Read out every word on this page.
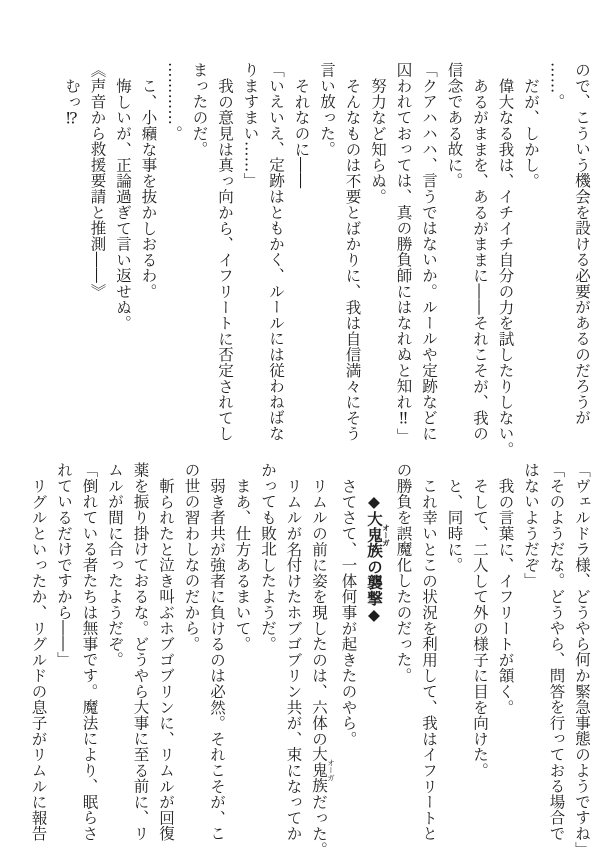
ので、こういう機会を設ける必要があるのだろうが
……。
だが、しかし。
偉大なる我は、イチイチ自分の力を試したりしない。
あるがままを、あるがままに――それこそが、我の
信念である故に。
「クアハハハ、言うではないか。ルールや定跡などに
囚われておっては、真の勝負師にはなれぬと知れ‼」
努力など知らぬ。
そんなものは不要とばかりに、我は自信満々にそう
言い放った。
それなのに――
「いえいえ、定跡はともかく、ルールには従わねばな
りますまい……」
我の意見は真っ向から、イフリートに否定されてし
まったのだ。
…………。
こ、小癪な事を抜かしおるわ。
悔しいが、正論過ぎて言い返せぬ。
《声音から救援要請と推測――》
むっ⁉
「ヴェルドラ様、どうやら何か緊急事態のようですね」
「そのようだな。どうやら、問答を行っておる場合で
はないようだぞ」
我の言葉に、イフリートが頷く。
そして、二人して外の様子に目を向けた。
と、同時に。
これ幸いとこの状況を利用して、我はイフリートと
の勝負を誤魔化したのだった。
◆大鬼族オーガの襲撃◆
さてさて、一体何事が起きたのやら。
リムルの前に姿を現したのは、六体の大鬼族オーガだった。
リムルが名付けたホブゴブリン共が、束になってか
かっても敗北したようだ。
まあ、仕方あるまいて。
弱き者共が強者に負けるのは必然。それこそが、こ
の世の習わしなのだから。
斬られたと泣き叫ぶホブゴブリンに、リムルが回復
薬を振り掛けておるな。どうやら大事に至る前に、リ
ムルが間に合ったようだぞ。
「倒れている者たちは無事です。魔法により、眠らさ
れているだけですから――」
リグルといったか、リグルドの息子がリムルに報告
